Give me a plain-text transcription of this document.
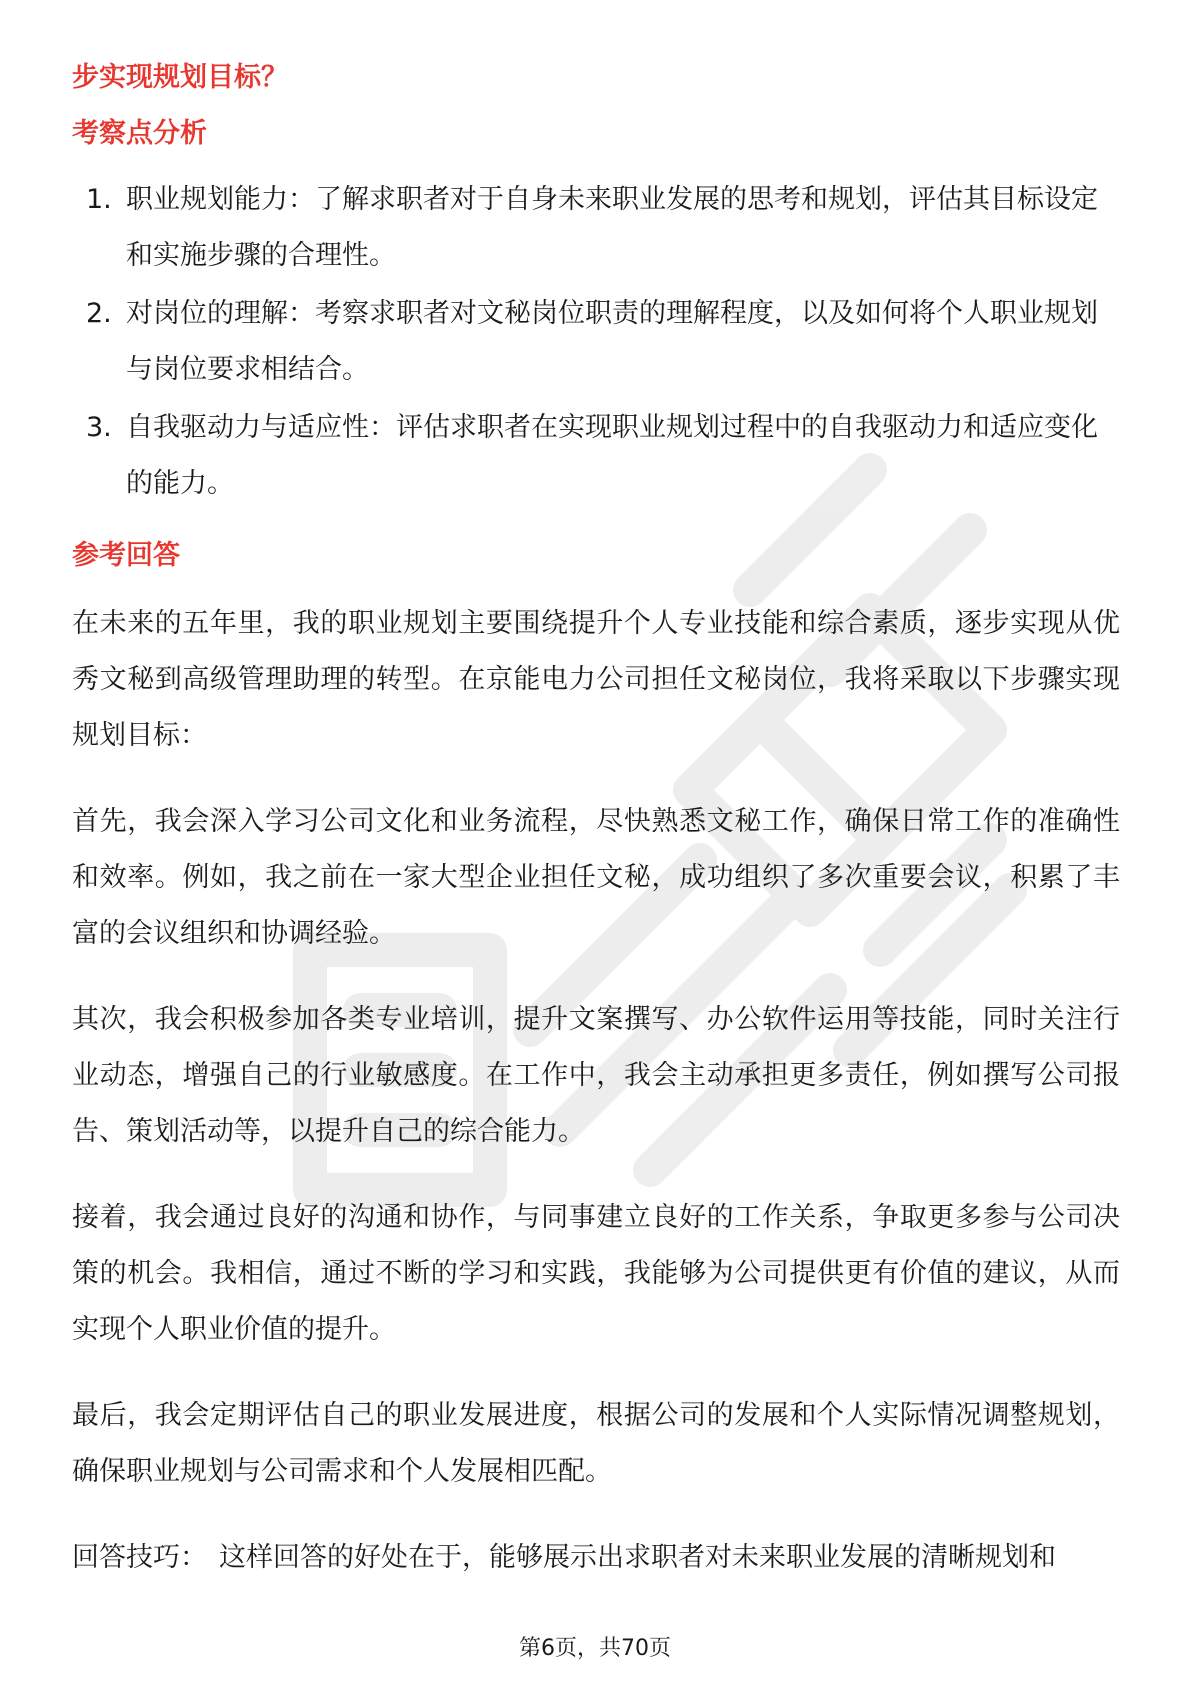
步实现规划目标？
考察点分析
1. 职业规划能力：了解求职者对于自身未来职业发展的思考和规划，评估其目标设定和实施步骤的合理性。
2. 对岗位的理解：考察求职者对文秘岗位职责的理解程度，以及如何将个人职业规划与岗位要求相结合。
3. 自我驱动力与适应性：评估求职者在实现职业规划过程中的自我驱动力和适应变化的能力。
参考回答

在未来的五年里，我的职业规划主要围绕提升个人专业技能和综合素质，逐步实现从优秀文秘到高级管理助理的转型。在京能电力公司担任文秘岗位，我将采取以下步骤实现规划目标：

首先，我会深入学习公司文化和业务流程，尽快熟悉文秘工作，确保日常工作的准确性和效率。例如，我之前在一家大型企业担任文秘，成功组织了多次重要会议，积累了丰富的会议组织和协调经验。

其次，我会积极参加各类专业培训，提升文案撰写、办公软件运用等技能，同时关注行业动态，增强自己的行业敏感度。在工作中，我会主动承担更多责任，例如撰写公司报告、策划活动等，以提升自己的综合能力。

接着，我会通过良好的沟通和协作，与同事建立良好的工作关系，争取更多参与公司决策的机会。我相信，通过不断的学习和实践，我能够为公司提供更有价值的建议，从而实现个人职业价值的提升。

最后，我会定期评估自己的职业发展进度，根据公司的发展和个人实际情况调整规划，确保职业规划与公司需求和个人发展相匹配。

回答技巧： 这样回答的好处在于，能够展示出求职者对未来职业发展的清晰规划和

第6页，共70页
